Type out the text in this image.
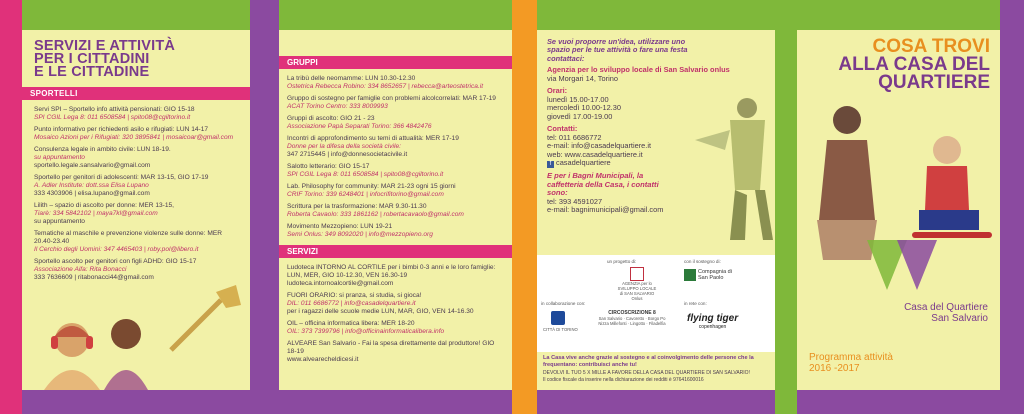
SERVIZI E ATTIVITÀ
PER I CITTADINI
E LE CITTADINE
SPORTELLI
Servi SPI – Sportello info attività pensionati: GIO 15-18
SPI CGIL Lega 8: 011 6508584 | spito08@cgiltorino.it
Punto informativo per richiedenti asilo e rifugiati: LUN 14-17
Mosaico Azioni per i Rifugiati: 320 3895841 | mosaicoar@gmail.com
Consulenza legale in ambito civile: LUN 18-19.
su appuntamento
sportello.legale.sansalvario@gmail.com
Sportello per genitori di adolescenti: MAR 13-15, GIO 17-19
A. Adler Institute: dott.ssa Elisa Lupano
333 4303906 | elisa.lupano@gmail.com
Lilith – spazio di ascolto per donne: MER 13-15,
Tiarè: 334 5842102 | maya7kl@gmail.com
su appuntamento
Tematiche al maschile e prevenzione violenze sulle donne: MER 20.40-23.40
Il Cerchio degli Uomini: 347 4465403 | roby.pol@libero.it
Sportello ascolto per genitori con figli ADHD: GIO 15-17
Associazione Aifa: Rita Bonacci
333 7636609 | ritabonacci44@gmail.com
GRUPPI
La tribù delle neomamme: LUN 10.30-12.30
Ostetrica Rebecca Robino: 334 8652657 | rebecca@arteostetrica.it
Gruppo di sostegno per famiglie con problemi alcolcorrelati: MAR 17-19
ACAT Torino Centro: 333 8009993
Gruppi di ascolto: GIO 21 - 23
Associazione Papà Separati Torino: 366 4842476
Incontri di approfondimento su temi di attualità: MER 17-19
Donne per la difesa della società civile:
347 2715445 | info@donnesocietacivile.it
Salotto letterario: GIO 15-17
SPI CGIL Lega 8: 011 6508584 | spito08@cgiltorino.it
Lab. Philosophy for community: MAR 21-23 ogni 15 giorni
CRIF Torino: 339 6248401 | infocrifitorino@gmail.com
Scrittura per la trasformazione: MAR 9.30-11.30
Roberta Cavaolo: 333 1861162 | robertacavaolo@gmail.com
Movimento Mezzopieno: LUN 19-21
Semi Onlus: 349 8092020 | info@mezzopieno.org
SERVIZI
Ludoteca INTORNO AL CORTILE per i bimbi 0-3 anni e le loro famiglie: LUN, MER, GIO 10-12.30, VEN 16.30-19
ludoteca.intornoalcortile@gmail.com
FUORI ORARIO: si pranza, si studia, si gioca!
DIL: 011 6686772 | info@casadelquartiere.it
per i ragazzi delle scuole medie LUN, MAR, GIO, VEN 14-16.30
OIL – officina informatica libera: MER 18-20
OIL: 373 7399796 | info@officinainformaticalibera.info
ALVEARE San Salvario - Fai la spesa direttamente dal produttore! GIO 18-19
www.alvearecheldicesi.it
Se vuoi proporre un'idea, utilizzare uno spazio per le tue attività o fare una festa contattaci:
Agenzia per lo sviluppo locale di San Salvario onlus
via Morgari 14, Torino
Orari:
lunedì 15.00-17.00
mercoledì 10.00-12.30
giovedì 17.00-19.00
Contatti:
tel: 011 6686772
e-mail: info@casadelquartiere.it
web: www.casadelquartiere.it
f casadelquartiere
E per i Bagni Municipali, la caffetteria della Casa, i contatti sono:
tel: 393 4591027
e-mail: bagnimunicipali@gmail.com
un progetto di:	con il sostegno di:
AGENZIA per lo SVILUPPO LOCALE di SAN SALVARIO Onlus
Compagnia di San Paolo
in collaborazione con:	in rete con:
CITTÀ DI TORINO
CIRCOSCRIZIONE 8
San Salvario · Cavoretto · Borgo Po
Nizza Millefonti · Lingotto · Filadelfia flying tiger
copenhagen
La Casa vive anche grazie al sostegno e al coinvolgimento delle persone che la frequentano: contribuisci anche tu!
DEVOLVI IL TUO 5 X MILLE A FAVORE DELLA CASA DEL QUARTIERE DI SAN SALVARIO!
Il codice fiscale da inserire nella dichiarazione dei redditi è 97641600016
COSA TROVI
ALLA CASA DEL
QUARTIERE
Casa del Quartiere
San Salvario
Programma attività
2016 -2017
